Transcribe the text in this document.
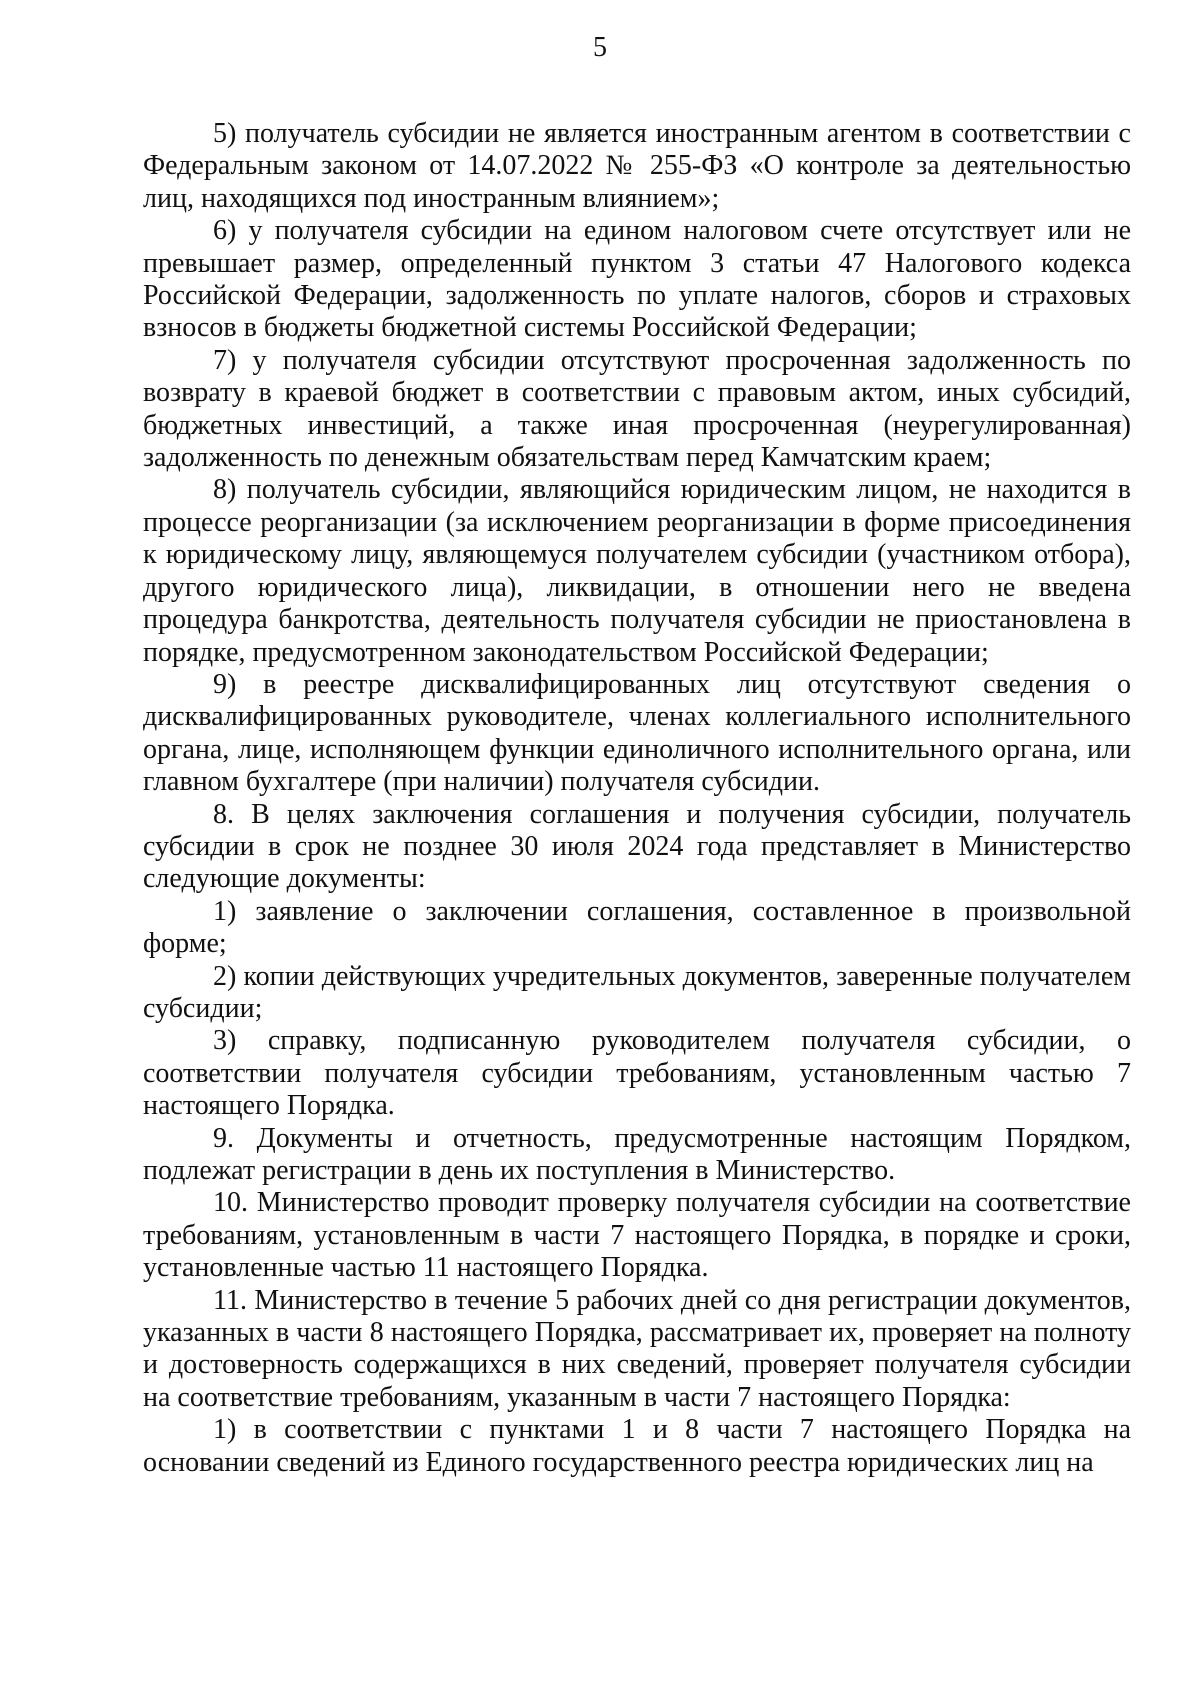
5

5) получатель субсидии не является иностранным агентом в соответствии с Федеральным законом от 14.07.2022 № 255-ФЗ «О контроле за деятельностью лиц, находящихся под иностранным влиянием»;

6) у получателя субсидии на едином налоговом счете отсутствует или не превышает размер, определенный пунктом 3 статьи 47 Налогового кодекса Российской Федерации, задолженность по уплате налогов, сборов и страховых взносов в бюджеты бюджетной системы Российской Федерации;

7) у получателя субсидии отсутствуют просроченная задолженность по возврату в краевой бюджет в соответствии с правовым актом, иных субсидий, бюджетных инвестиций, а также иная просроченная (неурегулированная) задолженность по денежным обязательствам перед Камчатским краем;

8) получатель субсидии, являющийся юридическим лицом, не находится в процессе реорганизации (за исключением реорганизации в форме присоединения к юридическому лицу, являющемуся получателем субсидии (участником отбора), другого юридического лица), ликвидации, в отношении него не введена процедура банкротства, деятельность получателя субсидии не приостановлена в порядке, предусмотренном законодательством Российской Федерации;

9) в реестре дисквалифицированных лиц отсутствуют сведения о дисквалифицированных руководителе, членах коллегиального исполнительного органа, лице, исполняющем функции единоличного исполнительного органа, или главном бухгалтере (при наличии) получателя субсидии.

8. В целях заключения соглашения и получения субсидии, получатель субсидии в срок не позднее 30 июля 2024 года представляет в Министерство следующие документы:

1) заявление о заключении соглашения, составленное в произвольной форме;

2) копии действующих учредительных документов, заверенные получателем субсидии;

3) справку, подписанную руководителем получателя субсидии, о соответствии получателя субсидии требованиям, установленным частью 7 настоящего Порядка.

9. Документы и отчетность, предусмотренные настоящим Порядком, подлежат регистрации в день их поступления в Министерство.

10. Министерство проводит проверку получателя субсидии на соответствие требованиям, установленным в части 7 настоящего Порядка, в порядке и сроки, установленные частью 11 настоящего Порядка.

11. Министерство в течение 5 рабочих дней со дня регистрации документов, указанных в части 8 настоящего Порядка, рассматривает их, проверяет на полноту и достоверность содержащихся в них сведений, проверяет получателя субсидии на соответствие требованиям, указанным в части 7 настоящего Порядка:

1) в соответствии с пунктами 1 и 8 части 7 настоящего Порядка на основании сведений из Единого государственного реестра юридических лиц на
